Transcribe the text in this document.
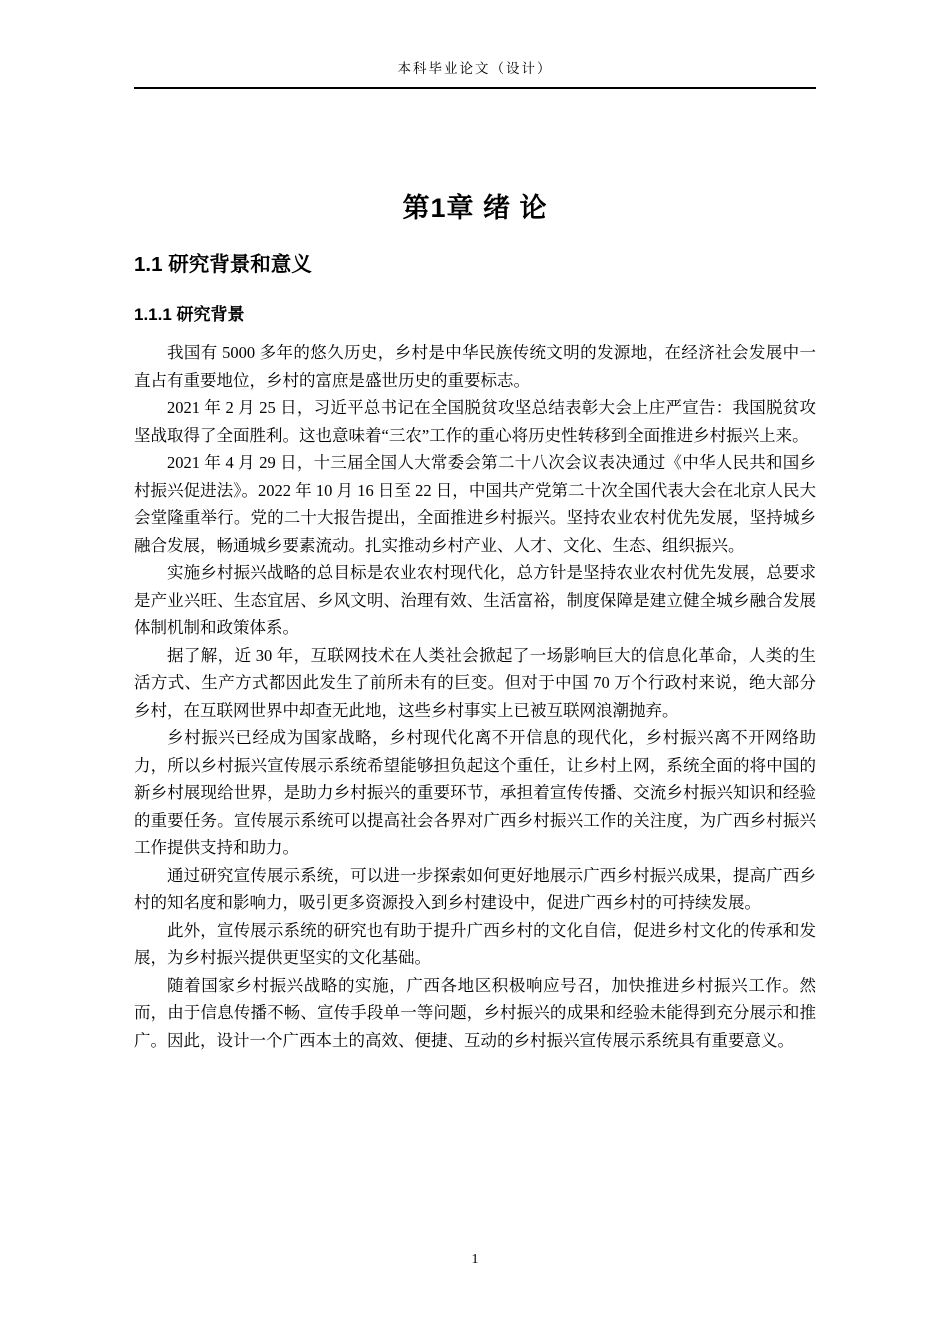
本科毕业论文（设计）
第1章 绪 论
1.1 研究背景和意义
1.1.1 研究背景

我国有 5000 多年的悠久历史，乡村是中华民族传统文明的发源地，在经济社会发展中一直占有重要地位，乡村的富庶是盛世历史的重要标志。

2021 年 2 月 25 日，习近平总书记在全国脱贫攻坚总结表彰大会上庄严宣告：我国脱贫攻坚战取得了全面胜利。这也意味着“三农”工作的重心将历史性转移到全面推进乡村振兴上来。

2021 年 4 月 29 日，十三届全国人大常委会第二十八次会议表决通过《中华人民共和国乡村振兴促进法》。2022 年 10 月 16 日至 22 日，中国共产党第二十次全国代表大会在北京人民大会堂隆重举行。党的二十大报告提出，全面推进乡村振兴。坚持农业农村优先发展，坚持城乡融合发展，畅通城乡要素流动。扎实推动乡村产业、人才、文化、生态、组织振兴。

实施乡村振兴战略的总目标是农业农村现代化，总方针是坚持农业农村优先发展，总要求是产业兴旺、生态宜居、乡风文明、治理有效、生活富裕，制度保障是建立健全城乡融合发展体制机制和政策体系。

据了解，近 30 年，互联网技术在人类社会掀起了一场影响巨大的信息化革命，人类的生活方式、生产方式都因此发生了前所未有的巨变。但对于中国 70 万个行政村来说，绝大部分乡村，在互联网世界中却查无此地，这些乡村事实上已被互联网浪潮抛弃。

乡村振兴已经成为国家战略，乡村现代化离不开信息的现代化，乡村振兴离不开网络助力，所以乡村振兴宣传展示系统希望能够担负起这个重任，让乡村上网，系统全面的将中国的新乡村展现给世界，是助力乡村振兴的重要环节，承担着宣传传播、交流乡村振兴知识和经验的重要任务。宣传展示系统可以提高社会各界对广西乡村振兴工作的关注度，为广西乡村振兴工作提供支持和助力。

通过研究宣传展示系统，可以进一步探索如何更好地展示广西乡村振兴成果，提高广西乡村的知名度和影响力，吸引更多资源投入到乡村建设中，促进广西乡村的可持续发展。

此外，宣传展示系统的研究也有助于提升广西乡村的文化自信，促进乡村文化的传承和发展，为乡村振兴提供更坚实的文化基础。

随着国家乡村振兴战略的实施，广西各地区积极响应号召，加快推进乡村振兴工作。然而，由于信息传播不畅、宣传手段单一等问题，乡村振兴的成果和经验未能得到充分展示和推广。因此，设计一个广西本土的高效、便捷、互动的乡村振兴宣传展示系统具有重要意义。

1
